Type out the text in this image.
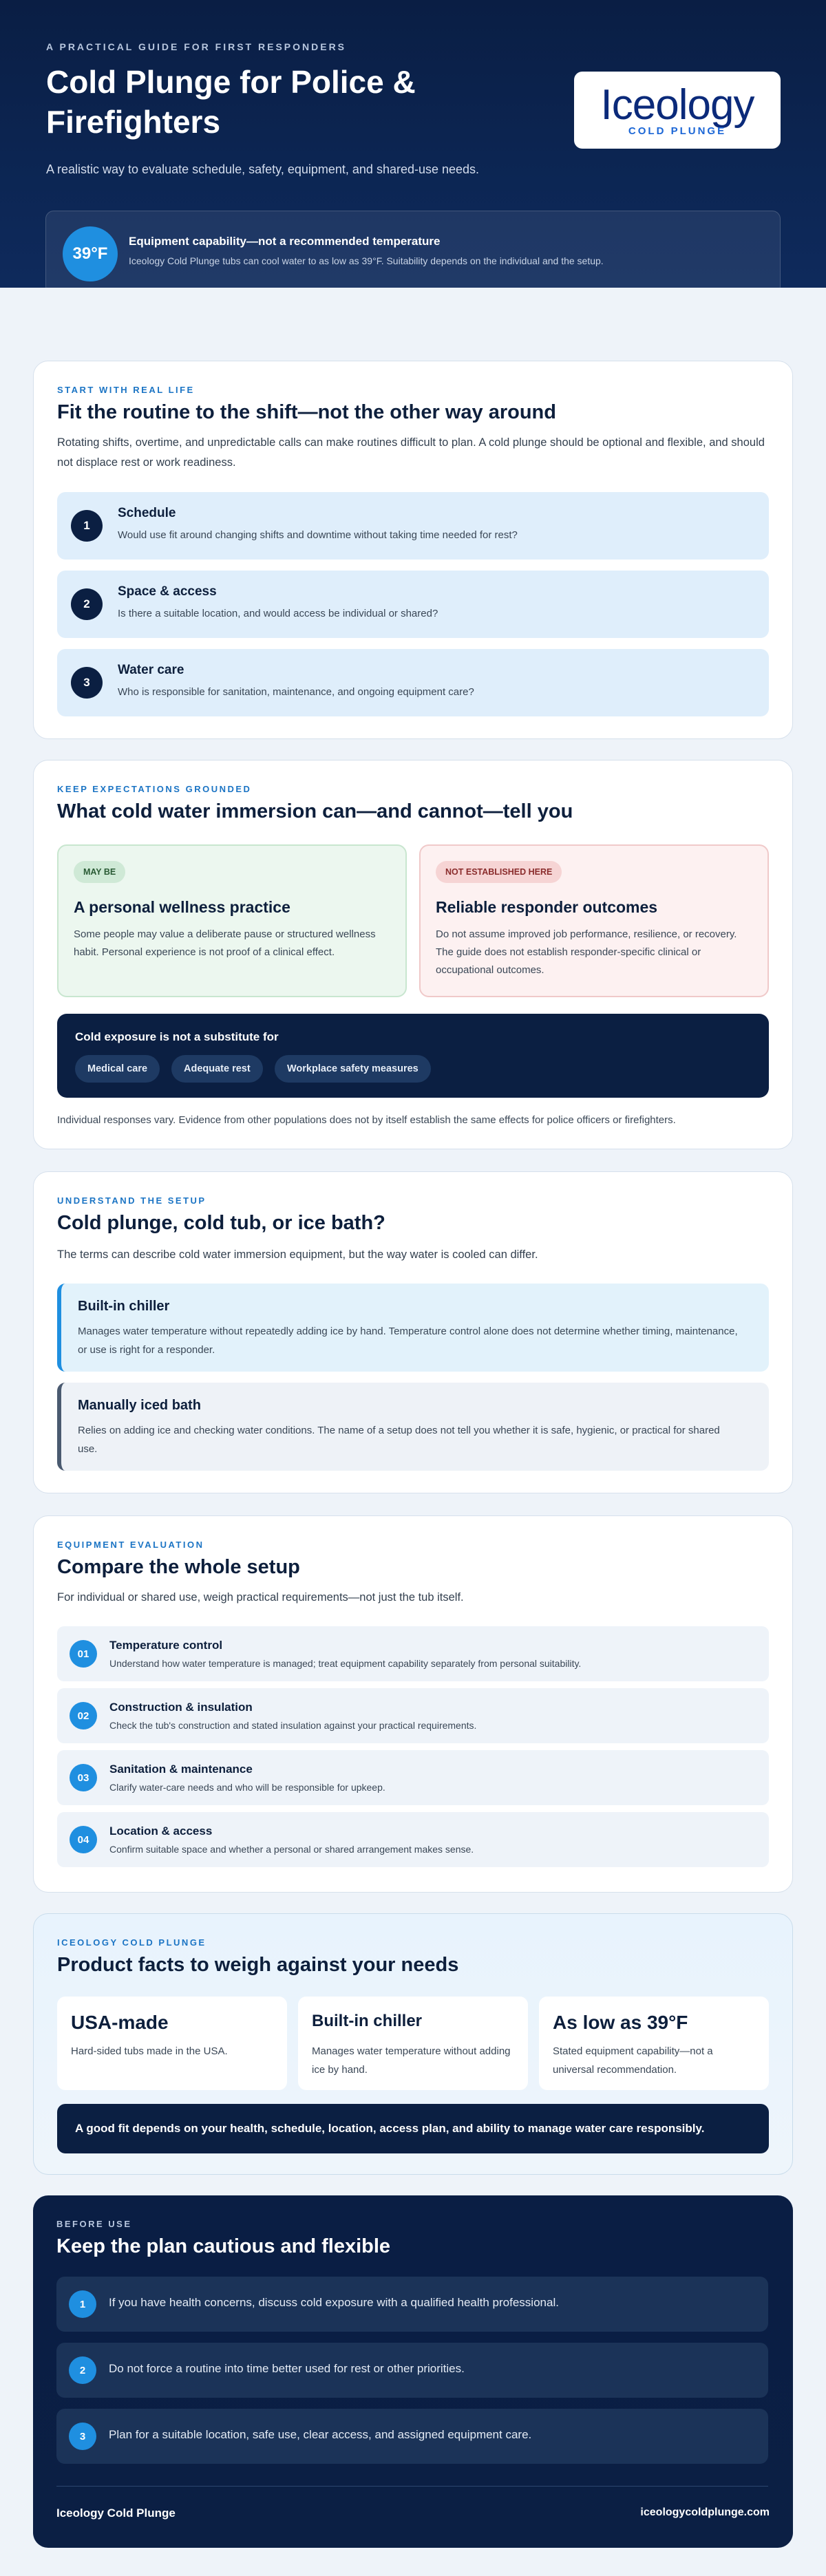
A PRACTICAL GUIDE FOR FIRST RESPONDERS
Cold Plunge for Police & Firefighters

A realistic way to evaluate schedule, safety, equipment, and shared-use needs.

Iceology
COLD PLUNGE
39°F
Equipment capability—not a recommended temperature
Iceology Cold Plunge tubs can cool water to as low as 39°F. Suitability depends on the individual and the setup.
START WITH REAL LIFE
Fit the routine to the shift—not the other way around

Rotating shifts, overtime, and unpredictable calls can make routines difficult to plan. A cold plunge should be optional and flexible, and should not displace rest or work readiness.

1
Schedule
Would use fit around changing shifts and downtime without taking time needed for rest?
2
Space & access
Is there a suitable location, and would access be individual or shared?
3
Water care
Who is responsible for sanitation, maintenance, and ongoing equipment care?
KEEP EXPECTATIONS GROUNDED
What cold water immersion can—and cannot—tell you
MAY BE
A personal wellness practice
Some people may value a deliberate pause or structured wellness habit. Personal experience is not proof of a clinical effect.
NOT ESTABLISHED HERE
Reliable responder outcomes
Do not assume improved job performance, resilience, or recovery. The guide does not establish responder-specific clinical or occupational outcomes.
Cold exposure is not a substitute for
Medical care	Adequate rest	Workplace safety measures
Individual responses vary. Evidence from other populations does not by itself establish the same effects for police officers or firefighters.
UNDERSTAND THE SETUP
Cold plunge, cold tub, or ice bath?

The terms can describe cold water immersion equipment, but the way water is cooled can differ.

Built-in chiller
Manages water temperature without repeatedly adding ice by hand. Temperature control alone does not determine whether timing, maintenance, or use is right for a responder.
Manually iced bath
Relies on adding ice and checking water conditions. The name of a setup does not tell you whether it is safe, hygienic, or practical for shared use.
EQUIPMENT EVALUATION
Compare the whole setup

For individual or shared use, weigh practical requirements—not just the tub itself.

01
Temperature control
Understand how water temperature is managed; treat equipment capability separately from personal suitability.
02
Construction & insulation
Check the tub's construction and stated insulation against your practical requirements.
03
Sanitation & maintenance
Clarify water-care needs and who will be responsible for upkeep.
04
Location & access
Confirm suitable space and whether a personal or shared arrangement makes sense.
ICEOLOGY COLD PLUNGE
Product facts to weigh against your needs
USA-made
Hard-sided tubs made in the USA.
Built-in chiller
Manages water temperature without adding ice by hand.
As low as 39°F
Stated equipment capability—not a universal recommendation.
A good fit depends on your health, schedule, location, access plan, and ability to manage water care responsibly.
BEFORE USE
Keep the plan cautious and flexible
1	If you have health concerns, discuss cold exposure with a qualified health professional.
2	Do not force a routine into time better used for rest or other priorities.
3	Plan for a suitable location, safe use, clear access, and assigned equipment care.
Iceology Cold Plunge	iceologycoldplunge.com
